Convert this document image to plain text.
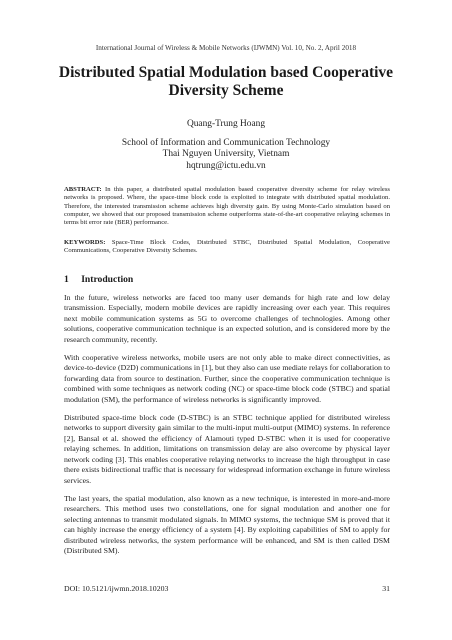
International Journal of Wireless & Mobile Networks (IJWMN) Vol. 10, No. 2, April 2018
Distributed Spatial Modulation based Cooperative Diversity Scheme
Quang-Trung Hoang
School of Information and Communication Technology
Thai Nguyen University, Vietnam
hqtrung@ictu.edu.vn
ABSTRACT: In this paper, a distributed spatial modulation based cooperative diversity scheme for relay wireless networks is proposed. Where, the space-time block code is exploited to integrate with distributed spatial modulation. Therefore, the interested transmission scheme achieves high diversity gain. By using Monte-Carlo simulation based on computer, we showed that our proposed transmission scheme outperforms state-of-the-art cooperative relaying schemes in terms bit error rate (BER) performance.
KEYWORDS: Space-Time Block Codes, Distributed STBC, Distributed Spatial Modulation, Cooperative Communications, Cooperative Diversity Schemes.
1 Introduction

In the future, wireless networks are faced too many user demands for high rate and low delay transmission. Especially, modern mobile devices are rapidly increasing over each year. This requires next mobile communication systems as 5G to overcome challenges of technologies. Among other solutions, cooperative communication technique is an expected solution, and is considered more by the research community, recently.

With cooperative wireless networks, mobile users are not only able to make direct connectivities, as device-to-device (D2D) communications in [1], but they also can use mediate relays for collaboration to forwarding data from source to destination. Further, since the cooperative communication technique is combined with some techniques as network coding (NC) or space-time block code (STBC) and spatial modulation (SM), the performance of wireless networks is significantly improved.

Distributed space-time block code (D-STBC) is an STBC technique applied for distributed wireless networks to support diversity gain similar to the multi-input multi-output (MIMO) systems. In reference [2], Bansal et al. showed the efficiency of Alamouti typed D-STBC when it is used for cooperative relaying schemes. In addition, limitations on transmission delay are also overcome by physical layer network coding [3]. This enables cooperative relaying networks to increase the high throughput in case there exists bidirectional traffic that is necessary for widespread information exchange in future wireless services.

The last years, the spatial modulation, also known as a new technique, is interested in more-and-more researchers. This method uses two constellations, one for signal modulation and another one for selecting antennas to transmit modulated signals. In MIMO systems, the technique SM is proved that it can highly increase the energy efficiency of a system [4]. By exploiting capabilities of SM to apply for distributed wireless networks, the system performance will be enhanced, and SM is then called DSM (Distributed SM).

DOI: 10.5121/ijwmn.2018.10203	31
